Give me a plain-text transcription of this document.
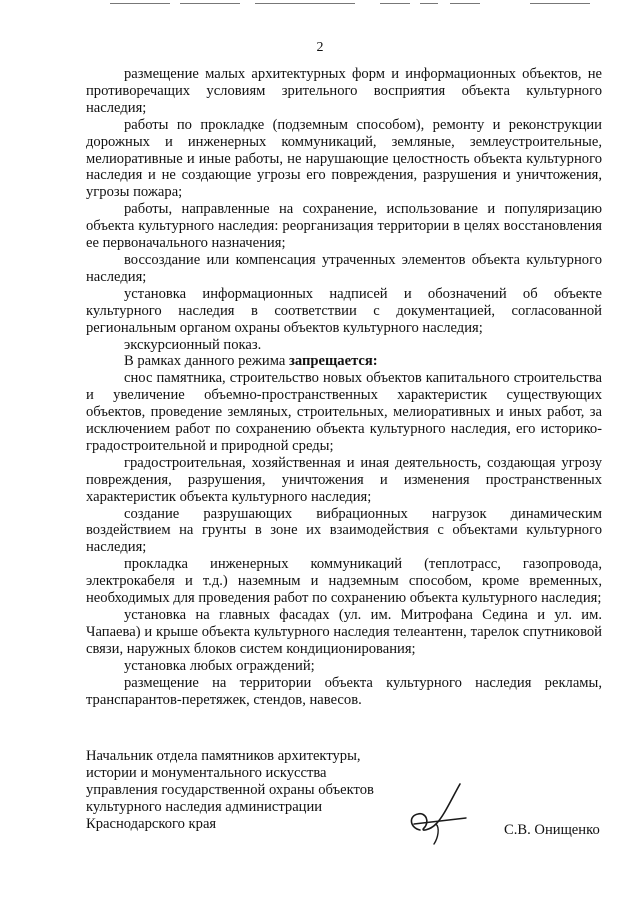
2

размещение малых архитектурных форм и информационных объектов, не противоречащих условиям зрительного восприятия объекта культурного наследия;

работы по прокладке (подземным способом), ремонту и реконструкции дорожных и инженерных коммуникаций, земляные, землеустроительные, мелиоративные и иные работы, не нарушающие целостность объекта культурного наследия и не создающие угрозы его повреждения, разрушения и уничтожения, угрозы пожара;

работы, направленные на сохранение, использование и популяризацию объекта культурного наследия: реорганизация территории в целях восстановления ее первоначального назначения;

воссоздание или компенсация утраченных элементов объекта культурного наследия;

установка информационных надписей и обозначений об объекте культурного наследия в соответствии с документацией, согласованной региональным органом охраны объектов культурного наследия;

экскурсионный показ.

В рамках данного режима запрещается:

снос памятника, строительство новых объектов капитального строительства и увеличение объемно-пространственных характеристик существующих объектов, проведение земляных, строительных, мелиоративных и иных работ, за исключением работ по сохранению объекта культурного наследия, его историко-градостроительной и природной среды;

градостроительная, хозяйственная и иная деятельность, создающая угрозу повреждения, разрушения, уничтожения и изменения пространственных характеристик объекта культурного наследия;

создание разрушающих вибрационных нагрузок динамическим воздействием на грунты в зоне их взаимодействия с объектами культурного наследия;

прокладка инженерных коммуникаций (теплотрасс, газопровода, электрокабеля и т.д.) наземным и надземным способом, кроме временных, необходимых для проведения работ по сохранению объекта культурного наследия;

установка на главных фасадах (ул. им. Митрофана Седина и ул. им. Чапаева) и крыше объекта культурного наследия телеантенн, тарелок спутниковой связи, наружных блоков систем кондиционирования;

установка любых ограждений;

размещение на территории объекта культурного наследия рекламы, транспарантов-перетяжек, стендов, навесов.

Начальник отдела памятников архитектуры,
истории и монументального искусства
управления государственной охраны объектов
культурного наследия администрации
Краснодарского края	С.В. Онищенко
